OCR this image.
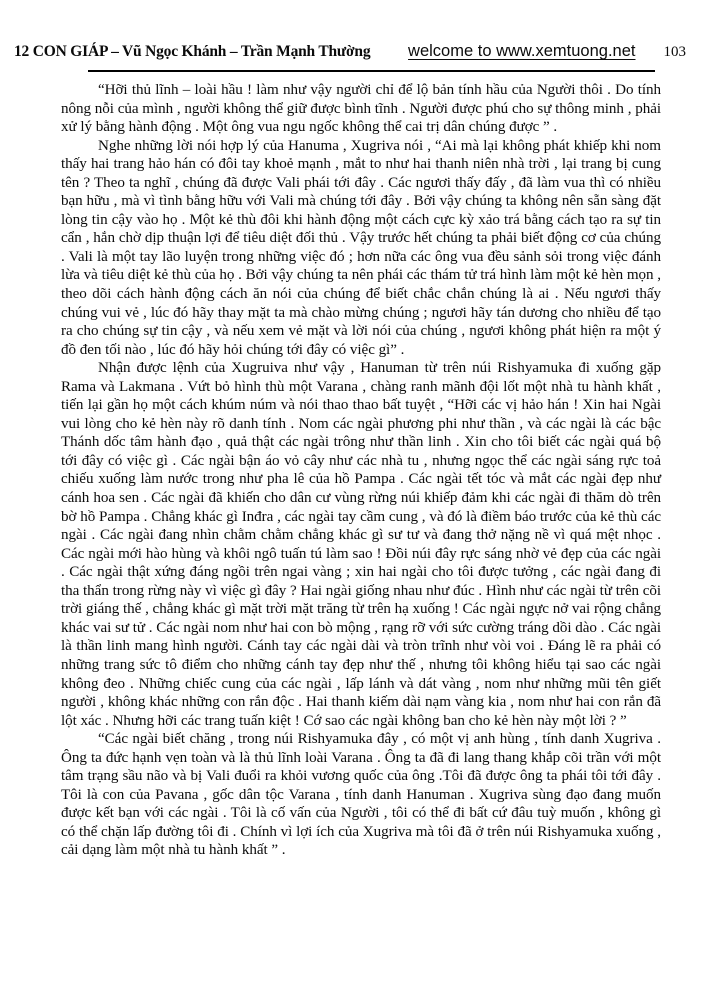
12 CON GIÁP – Vũ Ngọc Khánh – Trần Mạnh Thường welcome to www.xemtuong.net 103

“Hỡi thủ lĩnh – loài hầu ! làm như vậy người chỉ để lộ bản tính hầu của Người thôi . Do tính nông nỗi của mình , người không thể giữ được bình tĩnh . Người được phú cho sự thông minh , phải xử lý bằng hành động . Một ông vua ngu ngốc không thể cai trị dân chúng được ” .

Nghe những lời nói hợp lý của Hanuma , Xugriva nói , “Ai mà lại không phát khiếp khi nom thấy hai trang hảo hán có đôi tay khoẻ mạnh , mắt to như hai thanh niên nhà trời , lại trang bị cung tên ? Theo ta nghĩ , chúng đã được Vali phái tới đây . Các ngươi thấy đấy , đã làm vua thì có nhiều bạn hữu , mà vì tình bằng hữu với Vali mà chúng tới đây . Bởi vậy chúng ta không nên sẵn sàng đặt lòng tin cậy vào họ . Một kẻ thù đôi khi hành động một cách cực kỳ xảo trá bằng cách tạo ra sự tin cẩn , hắn chờ dịp thuận lợi để tiêu diệt đối thủ . Vậy trước hết chúng ta phải biết động cơ của chúng . Vali là một tay lão luyện trong những việc đó ; hơn nữa các ông vua đều sảnh sỏi trong việc đánh lừa và tiêu diệt kẻ thù của họ . Bởi vậy chúng ta nên phái các thám tử trá hình làm một kẻ hèn mọn , theo dõi cách hành động cách ăn nói của chúng để biết chắc chắn chúng là ai . Nếu ngươi thấy chúng vui vẻ , lúc đó hãy thay mặt ta mà chào mừng chúng ; ngươi hãy tán dương cho nhiều để tạo ra cho chúng sự tin cậy , và nếu xem vẻ mặt và lời nói của chúng , ngươi không phát hiện ra một ý đồ đen tối nào , lúc đó hãy hỏi chúng tới đây có việc gì” .

Nhận được lệnh của Xugruiva như vậy , Hanuman từ trên núi Rishyamuka đi xuống gặp Rama và Lakmana . Vứt bỏ hình thù một Varana , chàng ranh mãnh đội lốt một nhà tu hành khất , tiến lại gần họ một cách khúm núm và nói thao thao bất tuyệt , “Hỡi các vị hảo hán ! Xin hai Ngài vui lòng cho kẻ hèn này rõ danh tính . Nom các ngài phương phi như thần , và các ngài là các bậc Thánh dốc tâm hành đạo , quả thật các ngài trông như thần linh . Xin cho tôi biết các ngài quá bộ tới đây có việc gì . Các ngài bận áo vỏ cây như các nhà tu , nhưng ngọc thể các ngài sáng rực toả chiếu xuống làm nước trong như pha lê của hồ Pampa . Các ngài tết tóc và mắt các ngài đẹp như cánh hoa sen . Các ngài đã khiến cho dân cư vùng rừng núi khiếp đảm khi các ngài đi thăm dò trên bờ hồ Pampa . Chẳng khác gì Inđra , các ngài tay cầm cung , và đó là điềm báo trước của kẻ thù các ngài . Các ngài đang nhìn chằm chằm chẳng khác gì sư tư và đang thở nặng nề vì quá mệt nhọc . Các ngài mới hào hùng và khôi ngô tuấn tú làm sao ! Đồi núi đây rực sáng nhờ vẻ đẹp của các ngài . Các ngài thật xứng đáng ngồi trên ngai vàng ; xin hai ngài cho tôi được tưởng , các ngài đang đi tha thẩn trong rừng này vì việc gì đây ? Hai ngài giống nhau như đúc . Hình như các ngài từ trên cõi trời giáng thế , chẳng khác gì mặt trời mặt trăng từ trên hạ xuống ! Các ngài ngực nở vai rộng chẳng khác vai sư tử . Các ngài nom như hai con bò mộng , rạng rỡ với sức cường tráng dồi dào . Các ngài là thần linh mang hình người. Cánh tay các ngài dài và tròn trĩnh như vòi voi . Đáng lẽ ra phải có những trang sức tô điểm cho những cánh tay đẹp như thế , nhưng tôi không hiểu tại sao các ngài không đeo . Những chiếc cung của các ngài , lấp lánh và dát vàng , nom như những mũi tên giết người , không khác những con rắn độc . Hai thanh kiếm dài nạm vàng kia , nom như hai con rắn đã lột xác . Nhưng hỡi các trang tuấn kiệt ! Cớ sao các ngài không ban cho kẻ hèn này một lời ? ”

“Các ngài biết chăng , trong núi Rishyamuka đây , có một vị anh hùng , tính danh Xugriva . Ông ta đức hạnh vẹn toàn và là thủ lĩnh loài Varana . Ông ta đã đi lang thang khắp cõi trần với một tâm trạng sầu não và bị Vali đuổi ra khỏi vương quốc của ông .Tôi đã được ông ta phái tôi tới đây . Tôi là con của Pavana , gốc dân tộc Varana , tính danh Hanuman . Xugriva sùng đạo đang muốn được kết bạn với các ngài . Tôi là cố vấn của Người , tôi có thể đi bất cứ đâu tuỳ muốn , không gì có thể chặn lấp đường tôi đi . Chính vì lợi ích của Xugriva mà tôi đã ở trên núi Rishyamuka xuống , cải dạng làm một nhà tu hành khất ” .
